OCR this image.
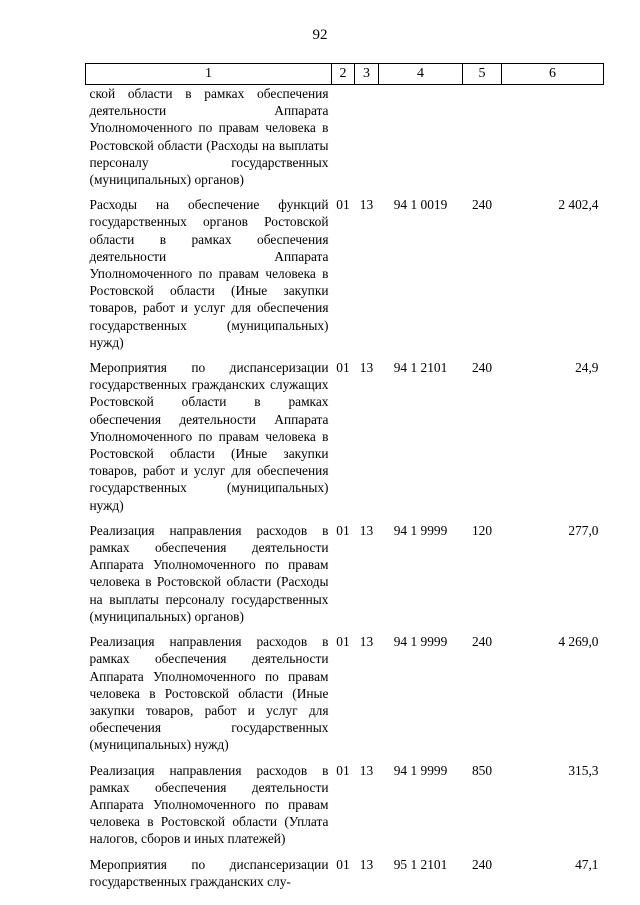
92
1	2	3	4	5	6
ской области в рамках обеспечения деятельности Аппарата Уполномоченного по правам человека в Ростовской области (Расходы на выплаты персоналу государственных (муниципальных) органов)					
Расходы на обеспечение функций государственных органов Ростовской области в рамках обеспечения деятельности Аппарата Уполномоченного по правам человека в Ростовской области (Иные закупки товаров, работ и услуг для обеспечения государственных (муниципальных) нужд)	01	13	94 1 0019	240	2 402,4
Мероприятия по диспансеризации государственных гражданских служащих Ростовской области в рамках обеспечения деятельности Аппарата Уполномоченного по правам человека в Ростовской области (Иные закупки товаров, работ и услуг для обеспечения государственных (муниципальных) нужд)	01	13	94 1 2101	240	24,9
Реализация направления расходов в рамках обеспечения деятельности Аппарата Уполномоченного по правам человека в Ростовской области (Расходы на выплаты персоналу государственных (муниципальных) органов)	01	13	94 1 9999	120	277,0
Реализация направления расходов в рамках обеспечения деятельности Аппарата Уполномоченного по правам человека в Ростовской области (Иные закупки товаров, работ и услуг для обеспечения государственных (муниципальных) нужд)	01	13	94 1 9999	240	4 269,0
Реализация направления расходов в рамках обеспечения деятельности Аппарата Уполномоченного по правам человека в Ростовской области (Уплата налогов, сборов и иных платежей)	01	13	94 1 9999	850	315,3
Мероприятия по диспансеризации государственных гражданских слу-	01	13	95 1 2101	240	47,1
